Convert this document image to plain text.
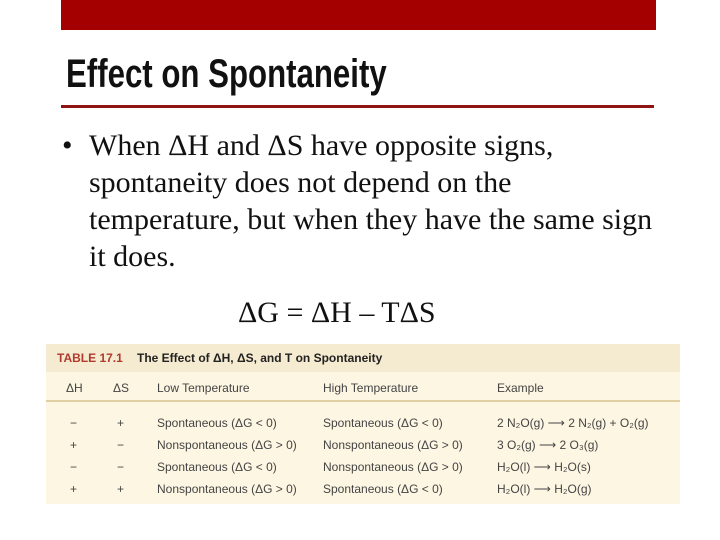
Effect on Spontaneity
• When ΔH and ΔS have opposite signs, spontaneity does not depend on the temperature, but when they have the same sign it does.
ΔG = ΔH – TΔS
TABLE 17.1 The Effect of ΔH, ΔS, and T on Spontaneity
ΔH	ΔS Low Temperature	High Temperature	Example
−	+	Spontaneous (ΔG < 0)	Spontaneous (ΔG < 0)	2 N₂O(g) ⟶ 2 N₂(g) + O₂(g)
+	−	Nonspontaneous (ΔG > 0) Nonspontaneous (ΔG > 0)	3 O₂(g) ⟶ 2 O₃(g)
−	−	Spontaneous (ΔG < 0)	Nonspontaneous (ΔG > 0)	H₂O(l) ⟶ H₂O(s)
+	+	Nonspontaneous (ΔG > 0) Spontaneous (ΔG < 0)	H₂O(l) ⟶ H₂O(g)
